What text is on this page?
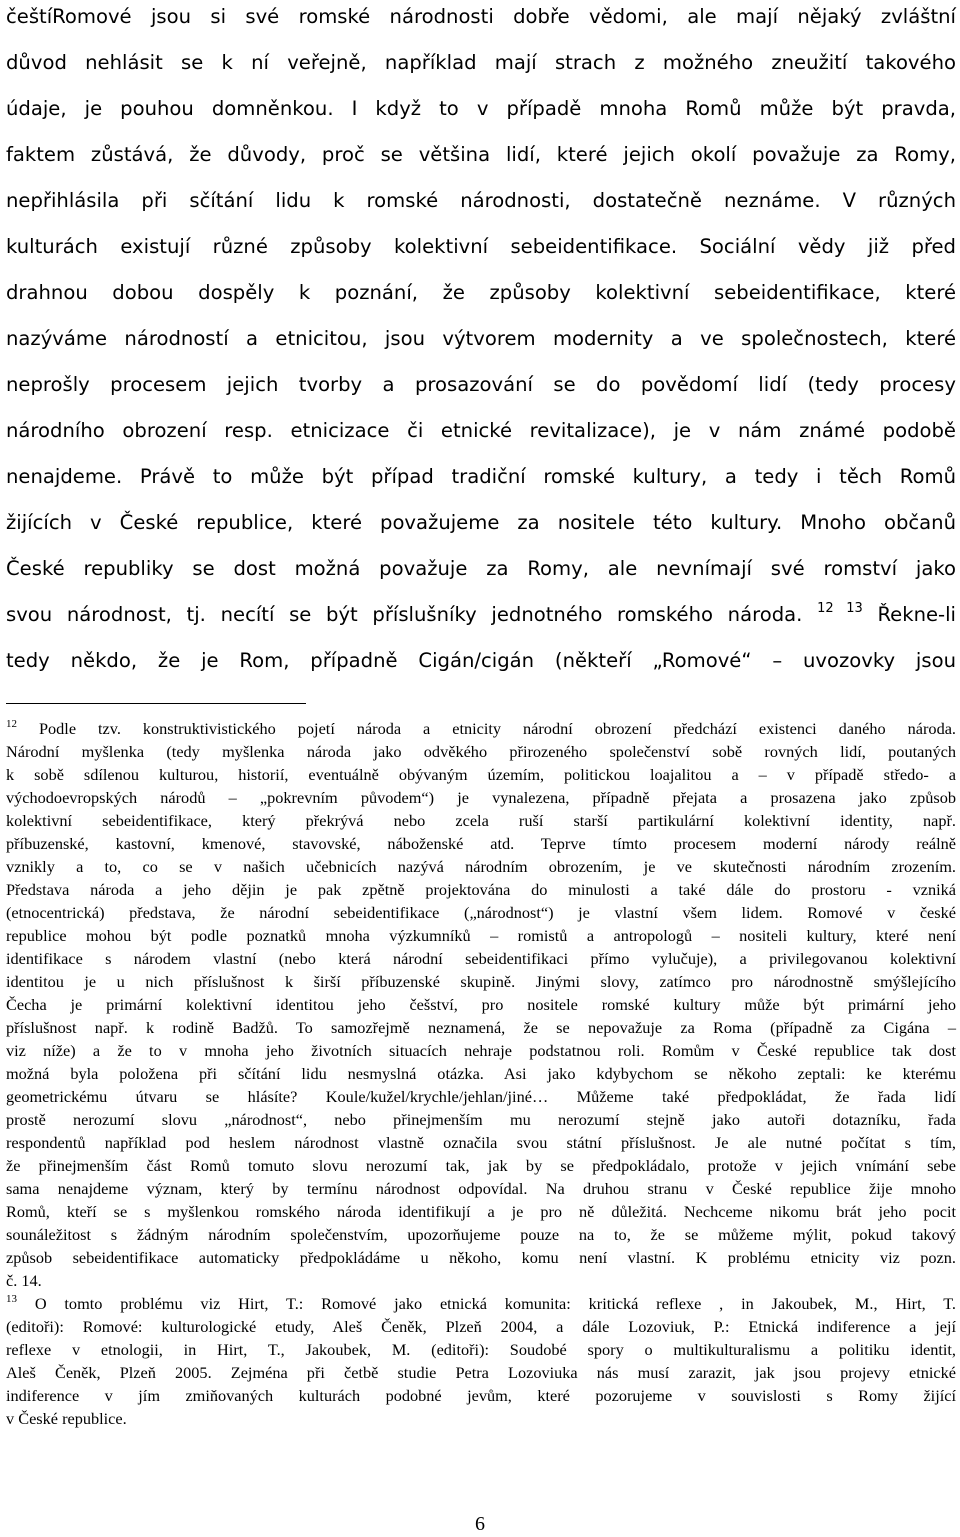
češtíRomové jsou si své romské národnosti dobře vědomi, ale mají nějaký zvláštní
důvod nehlásit se k ní veřejně, například mají strach z možného zneužití takového
údaje, je pouhou domněnkou. I když to v případě mnoha Romů může být pravda,
faktem zůstává, že důvody, proč se většina lidí, které jejich okolí považuje za Romy,
nepřihlásila při sčítání lidu k romské národnosti, dostatečně neznáme. V různých
kulturách existují různé způsoby kolektivní sebeidentifikace. Sociální vědy již před
drahnou dobou dospěly k poznání, že způsoby kolektivní sebeidentifikace, které
nazýváme národností a etnicitou, jsou výtvorem modernity a ve společnostech, které
neprošly procesem jejich tvorby a prosazování se do povědomí lidí (tedy procesy
národního obrození resp. etnicizace či etnické revitalizace), je v nám známé podobě
nenajdeme. Právě to může být případ tradiční romské kultury, a tedy i těch Romů
žijících v České republice, které považujeme za nositele této kultury. Mnoho občanů
České republiky se dost možná považuje za Romy, ale nevnímají své romství jako
svou národnost, tj. necítí se být příslušníky jednotného romského národa. $^{12 13}$ Řekne-li
tedy někdo, že je Rom, případně Cigán/cigán (někteří „Romové“ – uvozovky jsou
$^{12}$ Podle tzv. konstruktivistického pojetí národa a etnicity národní obrození předchází existenci daného národa.
Národní myšlenka (tedy myšlenka národa jako odvěkého přirozeného společenství sobě rovných lidí, poutaných
k sobě sdílenou kulturou, historií, eventuálně obývaným územím, politickou loajalitou a – v případě středo- a
východoevropských národů – „pokrevním původem“) je vynalezena, případně přejata a prosazena jako způsob
kolektivní sebeidentifikace, který překrývá nebo zcela ruší starší partikulární kolektivní identity, např.
příbuzenské, kastovní, kmenové, stavovské, náboženské atd. Teprve tímto procesem moderní národy reálně
vznikly a to, co se v našich učebnicích nazývá národním obrozením, je ve skutečnosti národním zrozením.
Představa národa a jeho dějin je pak zpětně projektována do minulosti a také dále do prostoru - vzniká
(etnocentrická) představa, že národní sebeidentifikace („národnost“) je vlastní všem lidem. Romové v české
republice mohou být podle poznatků mnoha výzkumníků – romistů a antropologů – nositeli kultury, které není
identifikace s národem vlastní (nebo která národní sebeidentifikaci přímo vylučuje), a privilegovanou kolektivní
identitou je u nich příslušnost k širší příbuzenské skupině. Jinými slovy, zatímco pro národnostně smýšlejícího
Čecha je primární kolektivní identitou jeho češství, pro nositele romské kultury může být primární jeho
příslušnost např. k rodině Badžů. To samozřejmě neznamená, že se nepovažuje za Roma (případně za Cigána –
viz níže) a že to v mnoha jeho životních situacích nehraje podstatnou roli. Romům v České republice tak dost
možná byla položena při sčítání lidu nesmyslná otázka. Asi jako kdybychom se někoho zeptali: ke kterému
geometrickému útvaru se hlásíte? Koule/kužel/krychle/jehlan/jiné… Můžeme také předpokládat, že řada lidí
prostě nerozumí slovu „národnost“, nebo přinejmenším mu nerozumí stejně jako autoři dotazníku, řada
respondentů například pod heslem národnost vlastně označila svou státní příslušnost. Je ale nutné počítat s tím,
že přinejmenším část Romů tomuto slovu nerozumí tak, jak by se předpokládalo, protože v jejich vnímání sebe
sama nenajdeme význam, který by termínu národnost odpovídal. Na druhou stranu v České republice žije mnoho
Romů, kteří se s myšlenkou romského národa identifikují a je pro ně důležitá. Nechceme nikomu brát jeho pocit
sounáležitost s žádným národním společenstvím, upozorňujeme pouze na to, že se můžeme mýlit, pokud takový
způsob sebeidentifikace automaticky předpokládáme u někoho, komu není vlastní. K problému etnicity viz pozn.
č. 14.
$^{13}$ O tomto problému viz Hirt, T.: Romové jako etnická komunita: kritická reflexe , in Jakoubek, M., Hirt, T.
(editoři): Romové: kulturologické etudy, Aleš Čeněk, Plzeň 2004, a dále Lozoviuk, P.: Etnická indiference a její
reflexe v etnologii, in Hirt, T., Jakoubek, M. (editoři): Soudobé spory o multikulturalismu a politiku identit,
Aleš Čeněk, Plzeň 2005. Zejména při četbě studie Petra Lozoviuka nás musí zarazit, jak jsou projevy etnické
indiference v jím zmiňovaných kulturách podobné jevům, které pozorujeme v souvislosti s Romy žijící
v České republice.
6
